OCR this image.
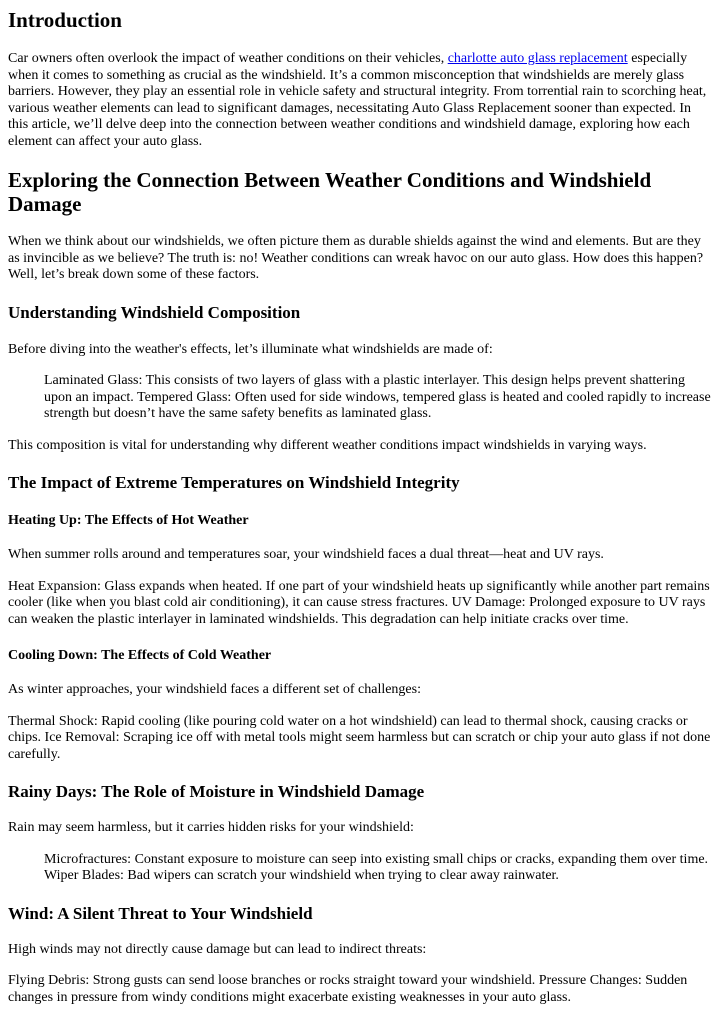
Introduction

Car owners often overlook the impact of weather conditions on their vehicles, charlotte auto glass replacement especially when it comes to something as crucial as the windshield. It’s a common misconception that windshields are merely glass barriers. However, they play an essential role in vehicle safety and structural integrity. From torrential rain to scorching heat, various weather elements can lead to significant damages, necessitating Auto Glass Replacement sooner than expected. In this article, we’ll delve deep into the connection between weather conditions and windshield damage, exploring how each element can affect your auto glass.

Exploring the Connection Between Weather Conditions and Windshield Damage

When we think about our windshields, we often picture them as durable shields against the wind and elements. But are they as invincible as we believe? The truth is: no! Weather conditions can wreak havoc on our auto glass. How does this happen? Well, let’s break down some of these factors.

Understanding Windshield Composition

Before diving into the weather's effects, let’s illuminate what windshields are made of:

Laminated Glass: This consists of two layers of glass with a plastic interlayer. This design helps prevent shattering upon an impact. Tempered Glass: Often used for side windows, tempered glass is heated and cooled rapidly to increase strength but doesn’t have the same safety benefits as laminated glass.

This composition is vital for understanding why different weather conditions impact windshields in varying ways.

The Impact of Extreme Temperatures on Windshield Integrity
Heating Up: The Effects of Hot Weather

When summer rolls around and temperatures soar, your windshield faces a dual threat—heat and UV rays.

Heat Expansion: Glass expands when heated. If one part of your windshield heats up significantly while another part remains cooler (like when you blast cold air conditioning), it can cause stress fractures. UV Damage: Prolonged exposure to UV rays can weaken the plastic interlayer in laminated windshields. This degradation can help initiate cracks over time.

Cooling Down: The Effects of Cold Weather

As winter approaches, your windshield faces a different set of challenges:

Thermal Shock: Rapid cooling (like pouring cold water on a hot windshield) can lead to thermal shock, causing cracks or chips. Ice Removal: Scraping ice off with metal tools might seem harmless but can scratch or chip your auto glass if not done carefully.

Rainy Days: The Role of Moisture in Windshield Damage

Rain may seem harmless, but it carries hidden risks for your windshield:

Microfractures: Constant exposure to moisture can seep into existing small chips or cracks, expanding them over time. Wiper Blades: Bad wipers can scratch your windshield when trying to clear away rainwater.
Wind: A Silent Threat to Your Windshield

High winds may not directly cause damage but can lead to indirect threats:

Flying Debris: Strong gusts can send loose branches or rocks straight toward your windshield. Pressure Changes: Sudden changes in pressure from windy conditions might exacerbate existing weaknesses in your auto glass.
